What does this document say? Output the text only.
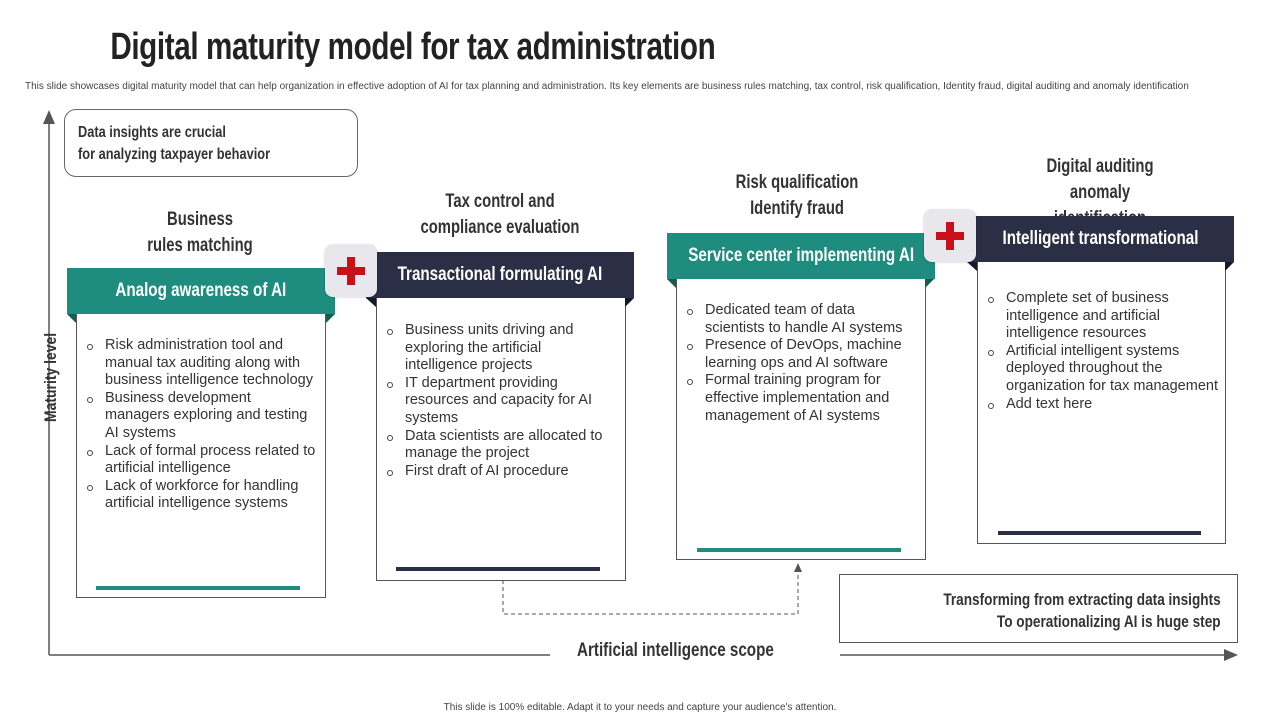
Digital maturity model for tax administration
This slide showcases digital maturity model that can help organization in effective adoption of AI for tax planning and administration. Its key elements are business rules matching, tax control, risk qualification, Identity fraud, digital auditing and anomaly identification
Data insights are crucial
for analyzing taxpayer behavior
Maturity level
Artificial intelligence scope
Business
rules matching
Risk administration tool and manual tax auditing along with business intelligence technology
Business development managers exploring and testing AI systems
Lack of formal process related to artificial intelligence
Lack of workforce for handling artificial intelligence systems
Analog awareness of AI
Tax control and
compliance evaluation
Business units driving and exploring the artificial intelligence projects
IT department providing resources and capacity for AI systems
Data scientists are allocated to manage the project
First draft of AI procedure
Transactional formulating AI
Risk qualification
Identify fraud
Dedicated team of data scientists to handle AI systems
Presence of DevOps, machine learning ops and AI software
Formal training program for effective implementation and management of AI systems
Service center implementing AI
Digital auditing
anomaly
Complete set of business intelligence and artificial intelligence resources
Artificial intelligent systems deployed throughout the organization for tax management
Add text here
Intelligent transformational
Transforming from extracting data insights
To operationalizing AI is huge step
This slide is 100% editable. Adapt it to your needs and capture your audience's attention.
